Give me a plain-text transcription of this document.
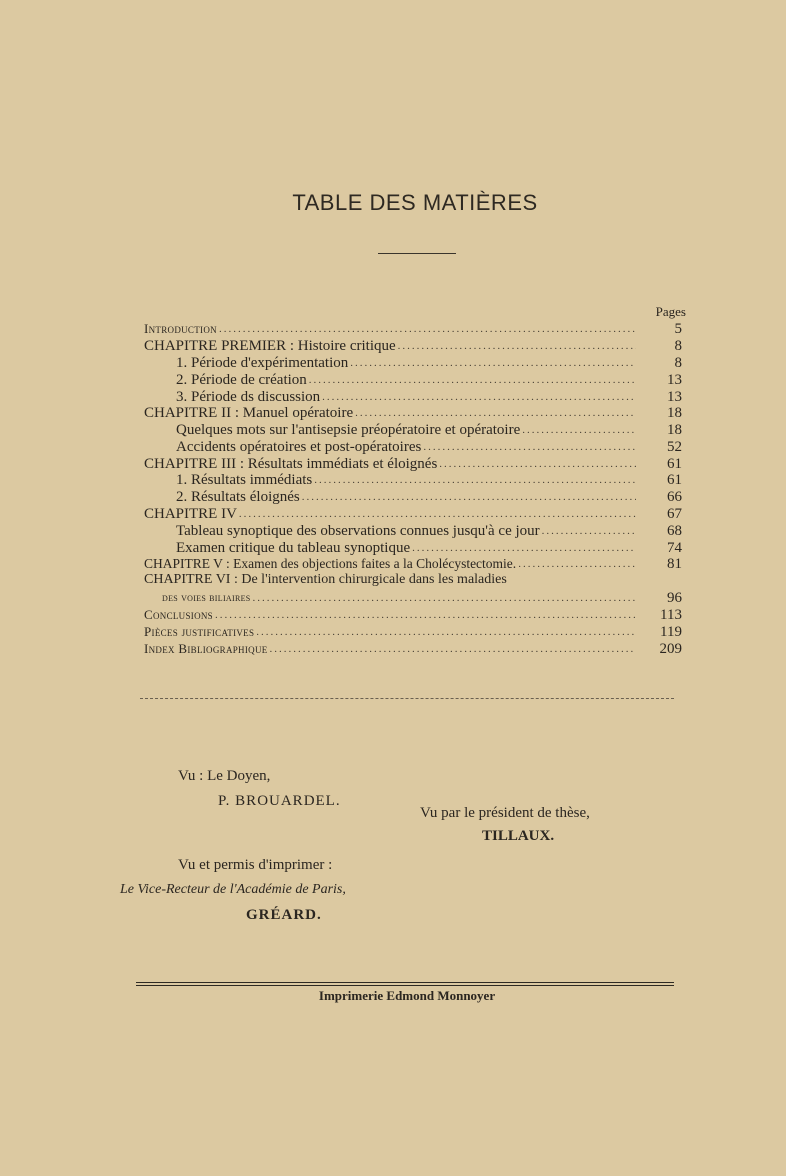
TABLE DES MATIÈRES
Pages
Introduction .....	5
CHAPITRE PREMIER : Histoire critique .....	8
1. Période d'expérimentation .....	8
2. Période de création .....	13
3. Période ds discussion .....	13
CHAPITRE II : Manuel opératoire .....	18
Quelques mots sur l'antisepsie préopératoire et opératoire .....	18
Accidents opératoires et post-opératoires .....	52
CHAPITRE III : Résultats immédiats et éloignés .....	61
1. Résultats immédiats .....	61
2. Résultats éloignés .....	66
CHAPITRE IV .....	67
Tableau synoptique des observations connues jusqu'à ce jour .....	68
Examen critique du tableau synoptique .....	74
CHAPITRE V : Examen des objections faites a la Cholécystectomie. .....	81
CHAPITRE VI : De l'intervention chirurgicale dans les maladies
des voies biliaires .....	96
Conclusions .....	113
Pièces justificatives .....	119
Index Bibliographique .....	209
Vu : Le Doyen,
P. BROUARDEL.
Vu par le président de thèse,
TILLAUX.
Vu et permis d'imprimer :
Le Vice-Recteur de l'Académie de Paris,
GRÉARD.
Imprimerie Edmond Monnoyer
